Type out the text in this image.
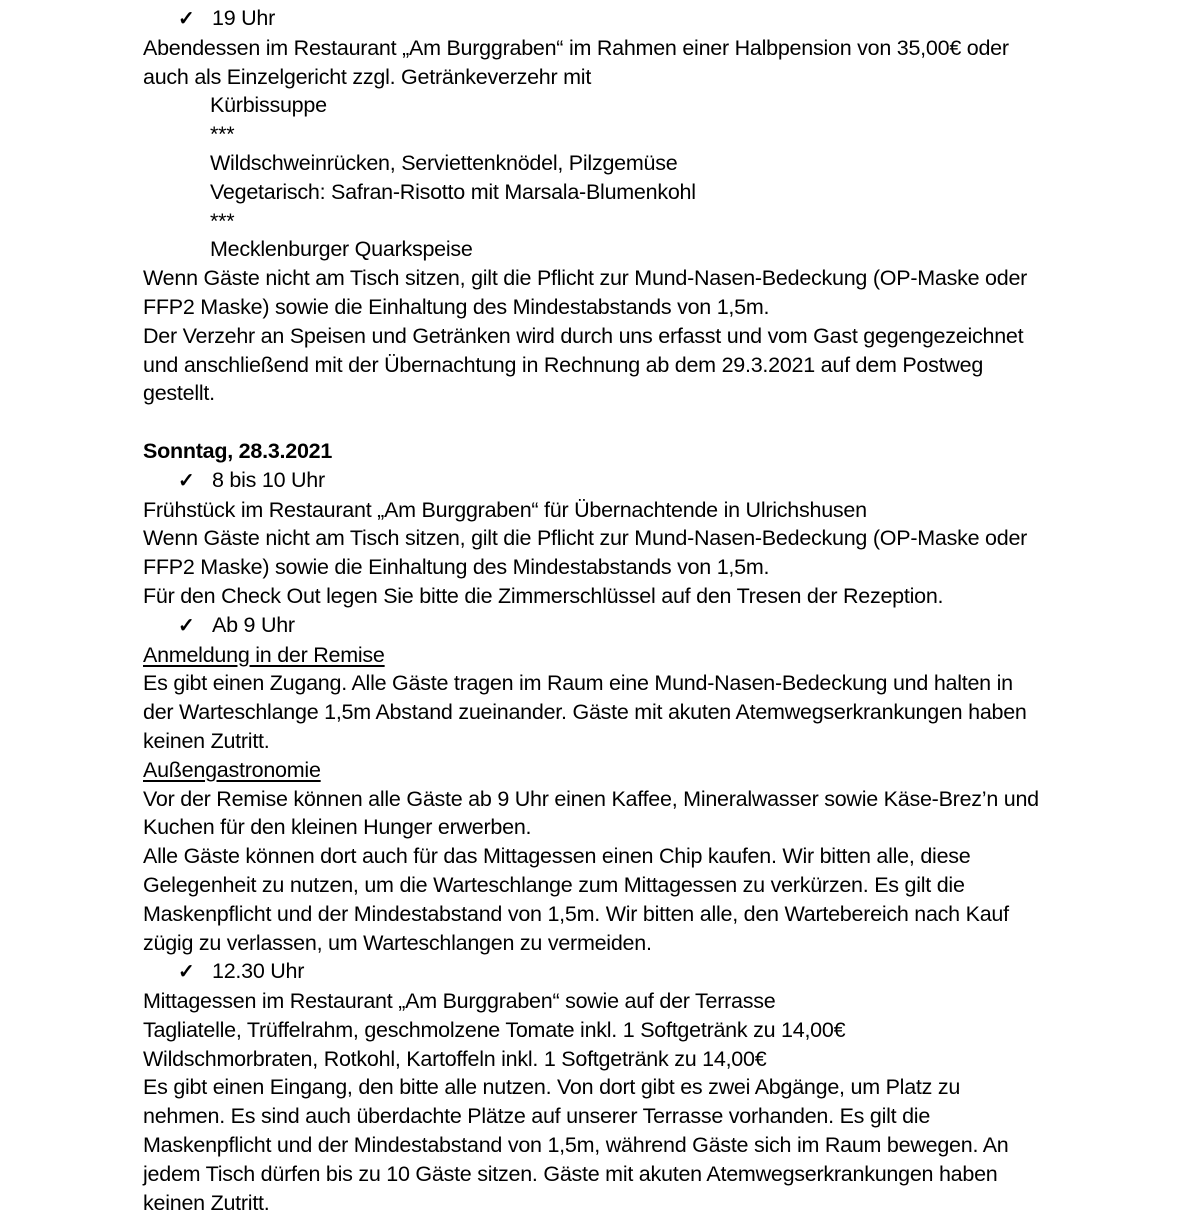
✓ 19 Uhr
Abendessen im Restaurant „Am Burggraben“ im Rahmen einer Halbpension von 35,00€ oder
auch als Einzelgericht zzgl. Getränkeverzehr mit
Kürbissuppe
***
Wildschweinrücken, Serviettenknödel, Pilzgemüse
Vegetarisch: Safran-Risotto mit Marsala-Blumenkohl
***
Mecklenburger Quarkspeise
Wenn Gäste nicht am Tisch sitzen, gilt die Pflicht zur Mund-Nasen-Bedeckung (OP-Maske oder
FFP2 Maske) sowie die Einhaltung des Mindestabstands von 1,5m.
Der Verzehr an Speisen und Getränken wird durch uns erfasst und vom Gast gegengezeichnet
und anschließend mit der Übernachtung in Rechnung ab dem 29.3.2021 auf dem Postweg
gestellt.
Sonntag, 28.3.2021
✓ 8 bis 10 Uhr
Frühstück im Restaurant „Am Burggraben“ für Übernachtende in Ulrichshusen
Wenn Gäste nicht am Tisch sitzen, gilt die Pflicht zur Mund-Nasen-Bedeckung (OP-Maske oder
FFP2 Maske) sowie die Einhaltung des Mindestabstands von 1,5m.
Für den Check Out legen Sie bitte die Zimmerschlüssel auf den Tresen der Rezeption.
✓ Ab 9 Uhr
Anmeldung in der Remise
Es gibt einen Zugang. Alle Gäste tragen im Raum eine Mund-Nasen-Bedeckung und halten in
der Warteschlange 1,5m Abstand zueinander. Gäste mit akuten Atemwegserkrankungen haben
keinen Zutritt.
Außengastronomie
Vor der Remise können alle Gäste ab 9 Uhr einen Kaffee, Mineralwasser sowie Käse-Brez’n und
Kuchen für den kleinen Hunger erwerben.
Alle Gäste können dort auch für das Mittagessen einen Chip kaufen. Wir bitten alle, diese
Gelegenheit zu nutzen, um die Warteschlange zum Mittagessen zu verkürzen. Es gilt die
Maskenpflicht und der Mindestabstand von 1,5m. Wir bitten alle, den Wartebereich nach Kauf
zügig zu verlassen, um Warteschlangen zu vermeiden.
✓ 12.30 Uhr
Mittagessen im Restaurant „Am Burggraben“ sowie auf der Terrasse
Tagliatelle, Trüffelrahm, geschmolzene Tomate inkl. 1 Softgetränk zu 14,00€
Wildschmorbraten, Rotkohl, Kartoffeln inkl. 1 Softgetränk zu 14,00€
Es gibt einen Eingang, den bitte alle nutzen. Von dort gibt es zwei Abgänge, um Platz zu
nehmen. Es sind auch überdachte Plätze auf unserer Terrasse vorhanden. Es gilt die
Maskenpflicht und der Mindestabstand von 1,5m, während Gäste sich im Raum bewegen. An
jedem Tisch dürfen bis zu 10 Gäste sitzen. Gäste mit akuten Atemwegserkrankungen haben
keinen Zutritt.
